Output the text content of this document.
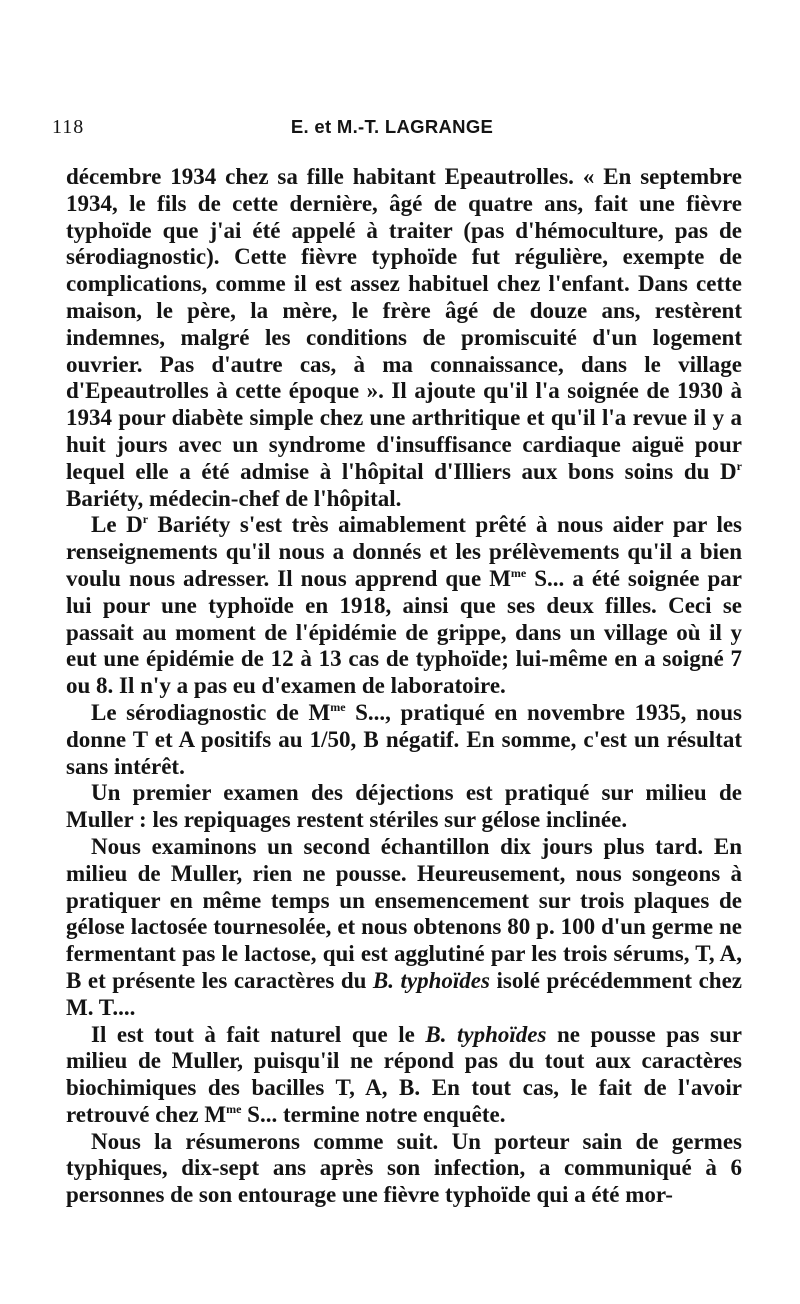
118	E. et M.-T. LAGRANGE

décembre 1934 chez sa fille habitant Epeautrolles. « En septembre 1934, le fils de cette dernière, âgé de quatre ans, fait une fièvre typhoïde que j'ai été appelé à traiter (pas d'hémoculture, pas de sérodiagnostic). Cette fièvre typhoïde fut régulière, exempte de complications, comme il est assez habituel chez l'enfant. Dans cette maison, le père, la mère, le frère âgé de douze ans, restèrent indemnes, malgré les conditions de promiscuité d'un logement ouvrier. Pas d'autre cas, à ma connaissance, dans le village d'Epeautrolles à cette époque ». Il ajoute qu'il l'a soignée de 1930 à 1934 pour diabète simple chez une arthritique et qu'il l'a revue il y a huit jours avec un syndrome d'insuffisance cardiaque aiguë pour lequel elle a été admise à l'hôpital d'Illiers aux bons soins du $D^r$ Bariéty, médecin-chef de l'hôpital.

Le $D^r$ Bariéty s'est très aimablement prêté à nous aider par les renseignements qu'il nous a donnés et les prélèvements qu'il a bien voulu nous adresser. Il nous apprend que $M^{me}$ S... a été soignée par lui pour une typhoïde en 1918, ainsi que ses deux filles. Ceci se passait au moment de l'épidémie de grippe, dans un village où il y eut une épidémie de 12 à 13 cas de typhoïde; lui-même en a soigné 7 ou 8. Il n'y a pas eu d'examen de laboratoire.

Le sérodiagnostic de $M^{me}$ S..., pratiqué en novembre 1935, nous donne T et A positifs au 1/50, B négatif. En somme, c'est un résultat sans intérêt.

Un premier examen des déjections est pratiqué sur milieu de Muller : les repiquages restent stériles sur gélose inclinée.

Nous examinons un second échantillon dix jours plus tard. En milieu de Muller, rien ne pousse. Heureusement, nous songeons à pratiquer en même temps un ensemencement sur trois plaques de gélose lactosée tournesolée, et nous obtenons 80 p. 100 d'un germe ne fermentant pas le lactose, qui est agglutiné par les trois sérums, T, A, B et présente les caractères du B. typhoïdes isolé précédemment chez M. T....

Il est tout à fait naturel que le B. typhoïdes ne pousse pas sur milieu de Muller, puisqu'il ne répond pas du tout aux caractères biochimiques des bacilles T, A, B. En tout cas, le fait de l'avoir retrouvé chez $M^{me}$ S... termine notre enquête.

Nous la résumerons comme suit. Un porteur sain de germes typhiques, dix-sept ans après son infection, a communiqué à 6 personnes de son entourage une fièvre typhoïde qui a été mor-
